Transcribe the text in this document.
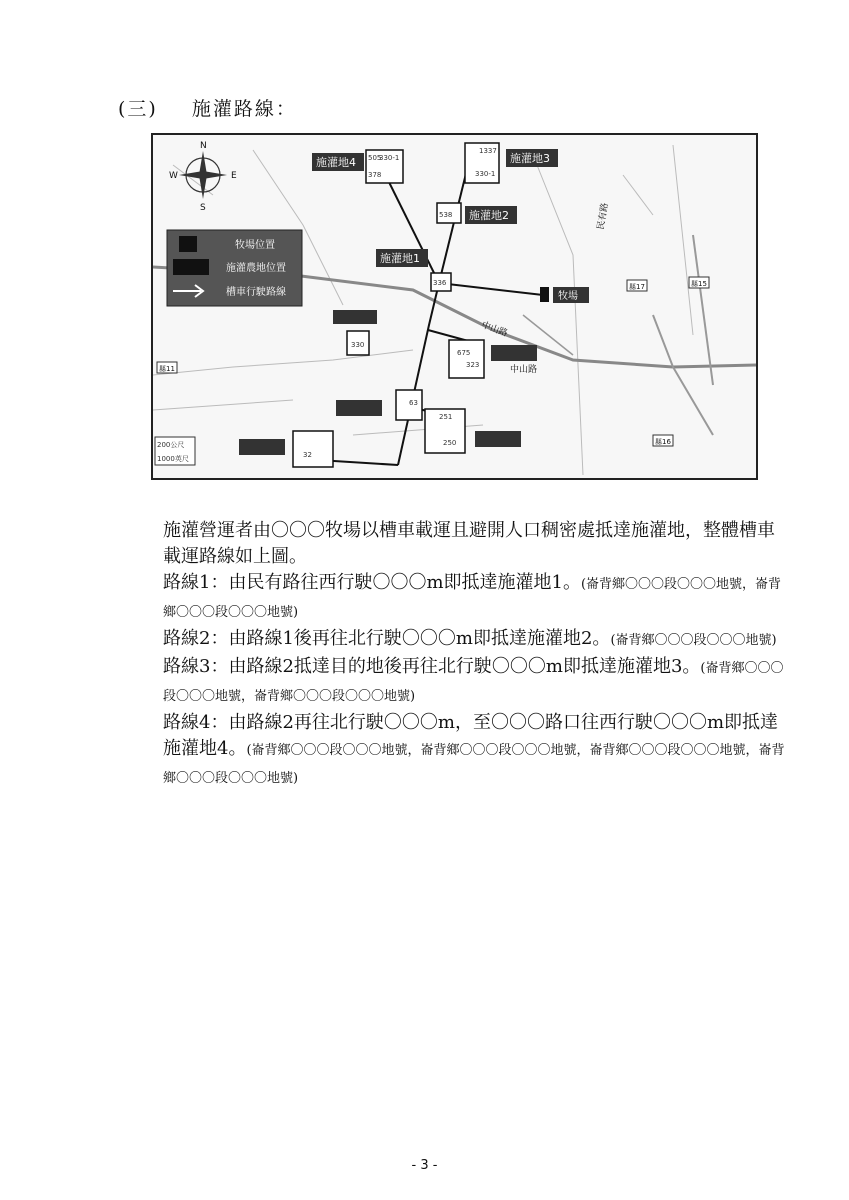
(三) 施灌路線：
N
S
W	E
牧場位置
施灌農地位置
槽車行駛路線
505
330-1
378
1337
330-1
538
336
330
675
323
63
251
250
32
施灌地4	施灌地3
施灌地2
施灌地1
牧場
中山路
中山路
民有路
縣17	縣15
縣11
縣16
200公尺
1000英尺

施灌營運者由〇〇〇牧場以槽車載運且避開人口稠密處抵達施灌地，整體槽車載運路線如上圖。

路線1：由民有路往西行駛〇〇〇m即抵達施灌地1。(崙背鄉〇〇〇段〇〇〇地號，崙背鄉〇〇〇段〇〇〇地號)

路線2：由路線1後再往北行駛〇〇〇m即抵達施灌地2。(崙背鄉〇〇〇段〇〇〇地號)

路線3：由路線2抵達目的地後再往北行駛〇〇〇m即抵達施灌地3。(崙背鄉〇〇〇段〇〇〇地號，崙背鄉〇〇〇段〇〇〇地號)

路線4：由路線2再往北行駛〇〇〇m，至〇〇〇路口往西行駛〇〇〇m即抵達施灌地4。(崙背鄉〇〇〇段〇〇〇地號，崙背鄉〇〇〇段〇〇〇地號，崙背鄉〇〇〇段〇〇〇地號，崙背鄉〇〇〇段〇〇〇地號)

- 3 -
